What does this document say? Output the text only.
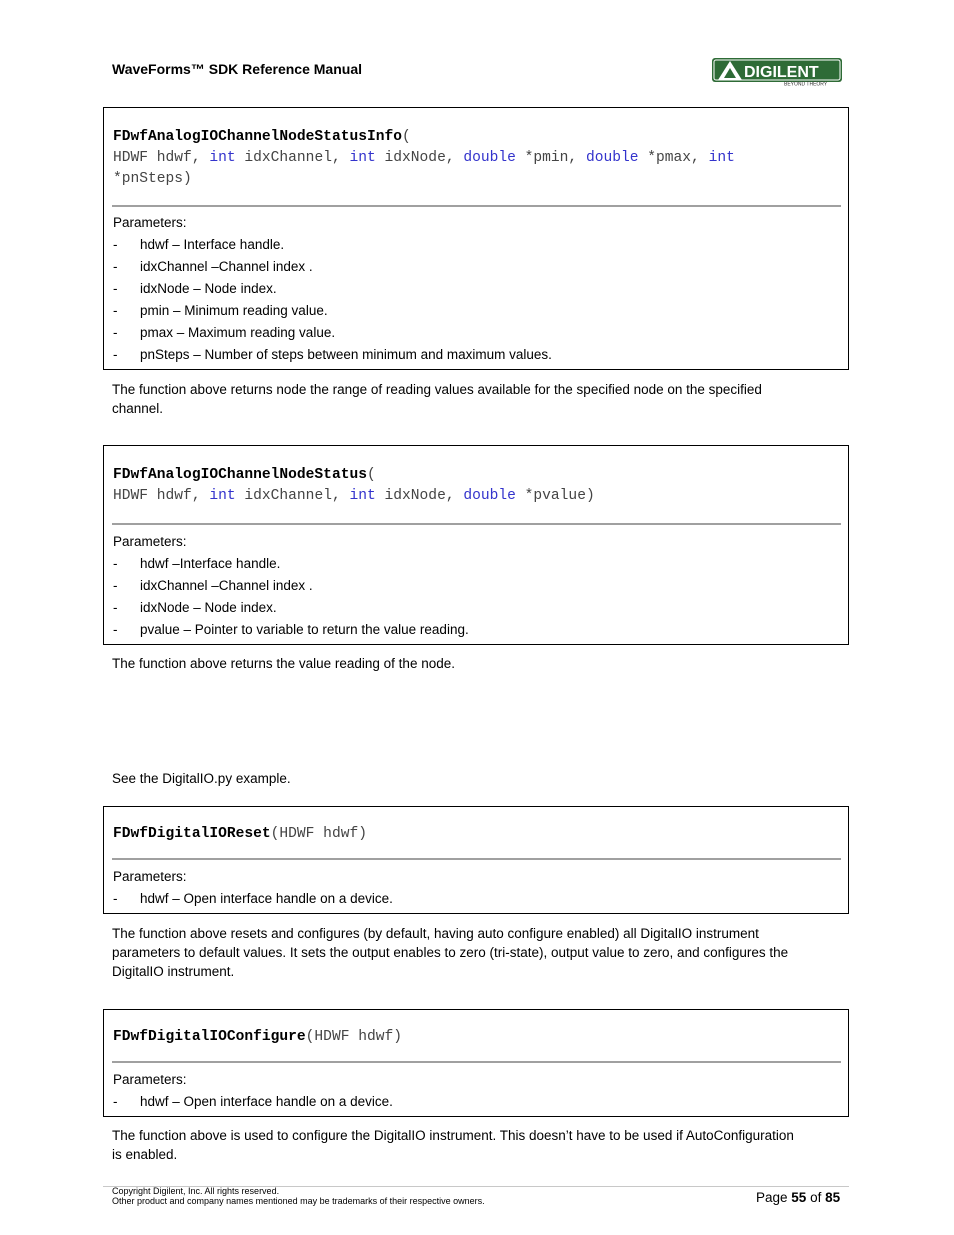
WaveForms™ SDK Reference Manual	DIGILENT
BEYOND THEORY
FDwfAnalogIOChannelNodeStatusInfo(
HDWF hdwf, int idxChannel, int idxNode, double *pmin, double *pmax, int
*pnSteps)
Parameters:
- hdwf – Interface handle.
- idxChannel –Channel index .
- idxNode – Node index.
- pmin – Minimum reading value.
- pmax – Maximum reading value.
- pnSteps – Number of steps between minimum and maximum values.
The function above returns node the range of reading values available for the specified node on the specified
channel.
FDwfAnalogIOChannelNodeStatus(
HDWF hdwf, int idxChannel, int idxNode, double *pvalue)
Parameters:
- hdwf –Interface handle.
- idxChannel –Channel index .
- idxNode – Node index.
- pvalue – Pointer to variable to return the value reading.
The function above returns the value reading of the node.
See the DigitalIO.py example.
FDwfDigitalIOReset(HDWF hdwf)
Parameters:
- hdwf – Open interface handle on a device.
The function above resets and configures (by default, having auto configure enabled) all DigitalIO instrument
parameters to default values. It sets the output enables to zero (tri-state), output value to zero, and configures the
DigitalIO instrument.
FDwfDigitalIOConfigure(HDWF hdwf)
Parameters:
- hdwf – Open interface handle on a device.
The function above is used to configure the DigitalIO instrument. This doesn’t have to be used if AutoConfiguration
is enabled.
Copyright Digilent, Inc. All rights reserved.
Other product and company names mentioned may be trademarks of their respective owners.	Page 55 of 85
